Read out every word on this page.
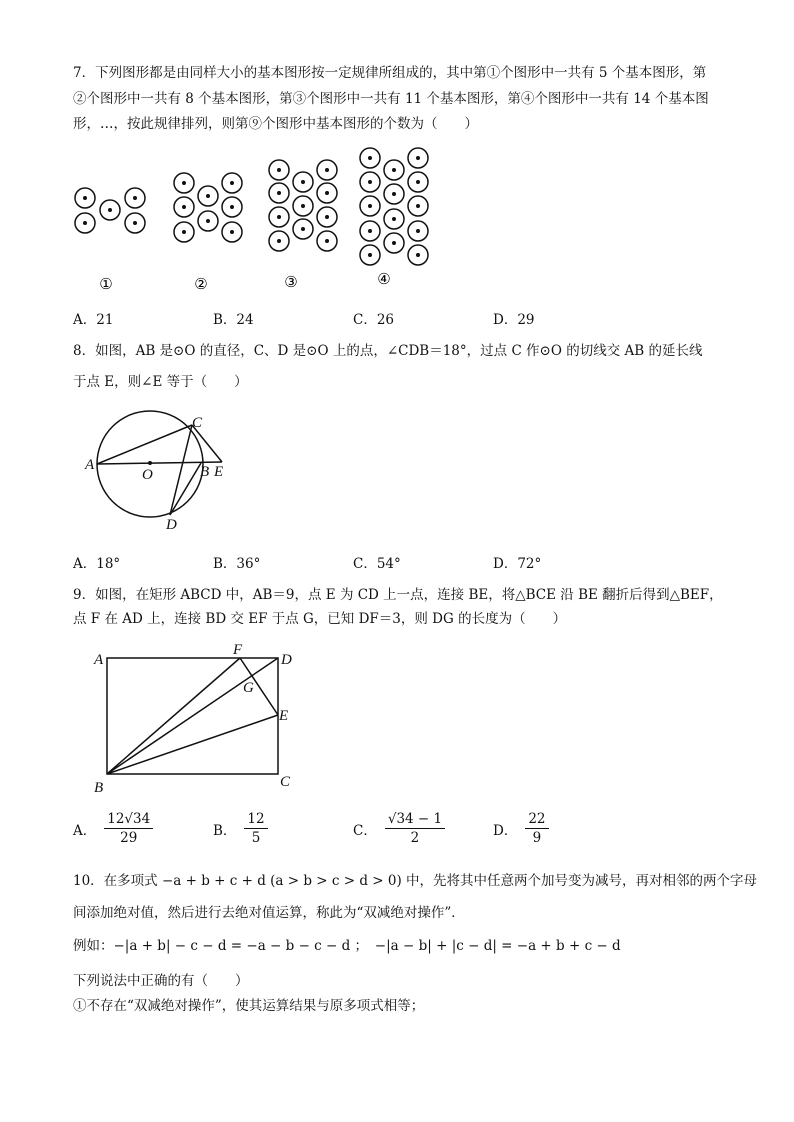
7．下列图形都是由同样大小的基本图形按一定规律所组成的，其中第①个图形中一共有 5 个基本图形，第
②个图形中一共有 8 个基本图形，第③个图形中一共有 11 个基本图形，第④个图形中一共有 14 个基本图
形，…，按此规律排列，则第⑨个图形中基本图形的个数为（　　）
①	②	③	④
A．21	B．24	C．26	D．29
8．如图，AB 是⊙O 的直径，C、D 是⊙O 上的点，∠CDB＝18°，过点 C 作⊙O 的切线交 AB 的延长线
于点 E，则∠E 等于（　　）
A
O	B E
C
D
A．18°	B．36°	C．54°	D．72°
9．如图，在矩形 ABCD 中，AB＝9，点 E 为 CD 上一点，连接 BE，将△BCE 沿 BE 翻折后得到△BEF，
点 F 在 AD 上，连接 BD 交 EF 于点 G，已知 DF＝3，则 DG 的长度为（　　）
A
F
D
G
E
B	C
A． $\frac{12√34}{29}$	B． $\frac{12}{5}$	C． $\frac{√34 - 1}{2}$	D． $\frac{22}{9}$
10．在多项式 −a + b + c + d (a > b > c > d > 0) 中，先将其中任意两个加号变为减号，再对相邻的两个字母
间添加绝对值，然后进行去绝对值运算，称此为“双减绝对操作”．
例如：−|a + b| − c − d = −a − b − c − d ；　−|a − b| + |c − d| = −a + b + c − d
下列说法中正确的有（　　）
①不存在“双减绝对操作”，使其运算结果与原多项式相等；
